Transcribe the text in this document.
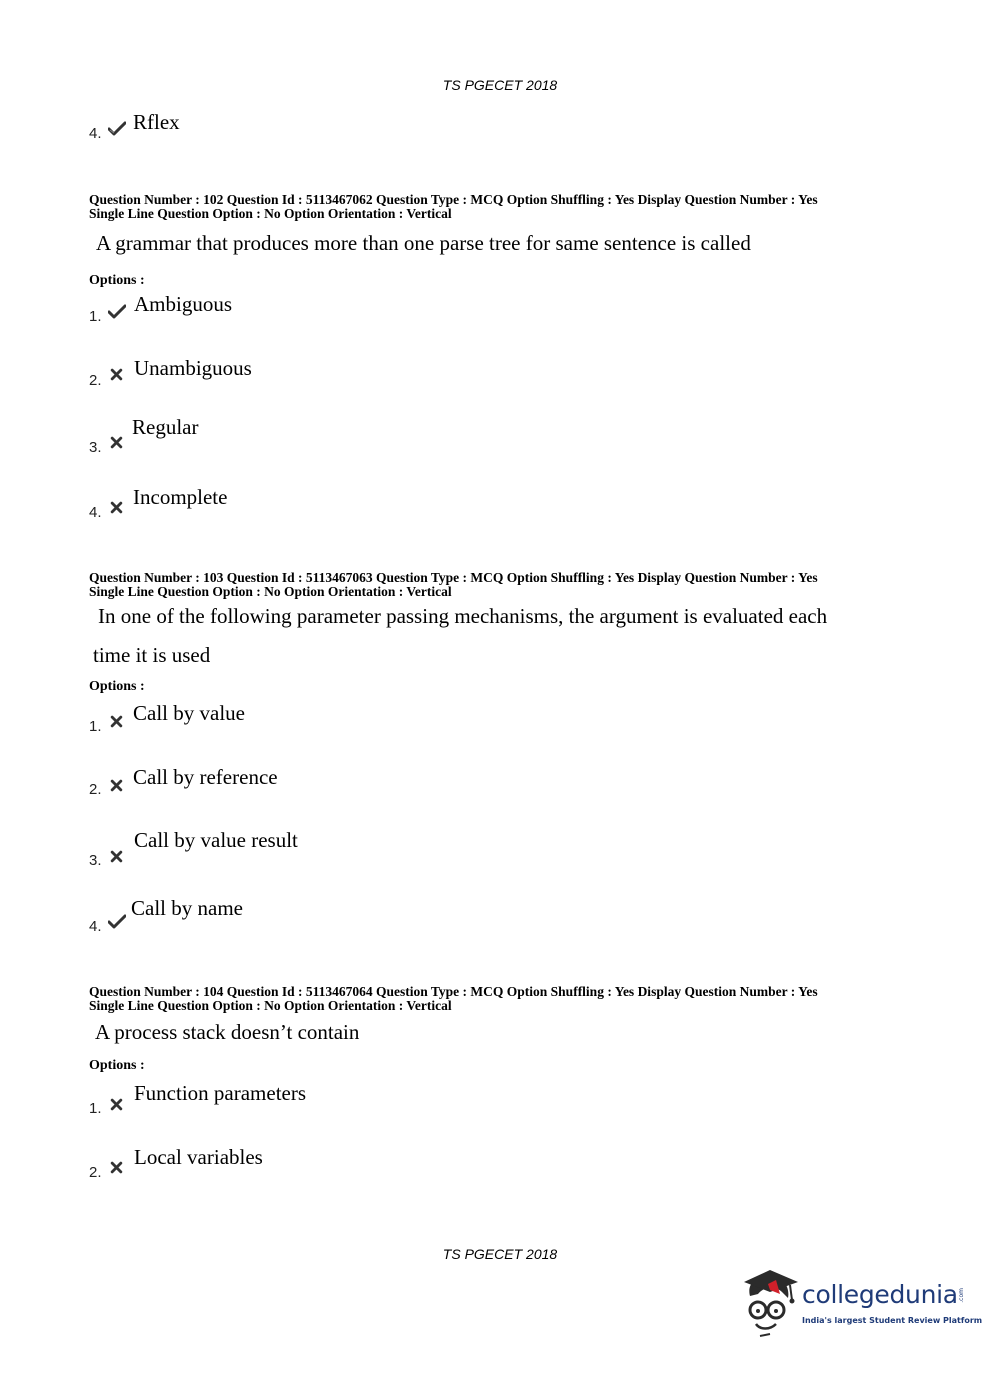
TS PGECET 2018
4. Rflex
Question Number : 102 Question Id : 5113467062 Question Type : MCQ Option Shuffling : Yes Display Question Number : Yes
Single Line Question Option : No Option Orientation : Vertical
A grammar that produces more than one parse tree for same sentence is called
Options :
1.
Ambiguous
2.
Unambiguous
3.
Regular
4.
Incomplete
Question Number : 103 Question Id : 5113467063 Question Type : MCQ Option Shuffling : Yes Display Question Number : Yes
Single Line Question Option : No Option Orientation : Vertical
In one of the following parameter passing mechanisms, the argument is evaluated each
time it is used
Options :
1.
Call by value
2.
Call by reference
3.
Call by value result
4.
Call by name
Question Number : 104 Question Id : 5113467064 Question Type : MCQ Option Shuffling : Yes Display Question Number : Yes
Single Line Question Option : No Option Orientation : Vertical
A process stack doesn’t contain
Options :
1.
Function parameters
2.
Local variables
TS PGECET 2018
collegedunia .com
India's largest Student Review Platform
